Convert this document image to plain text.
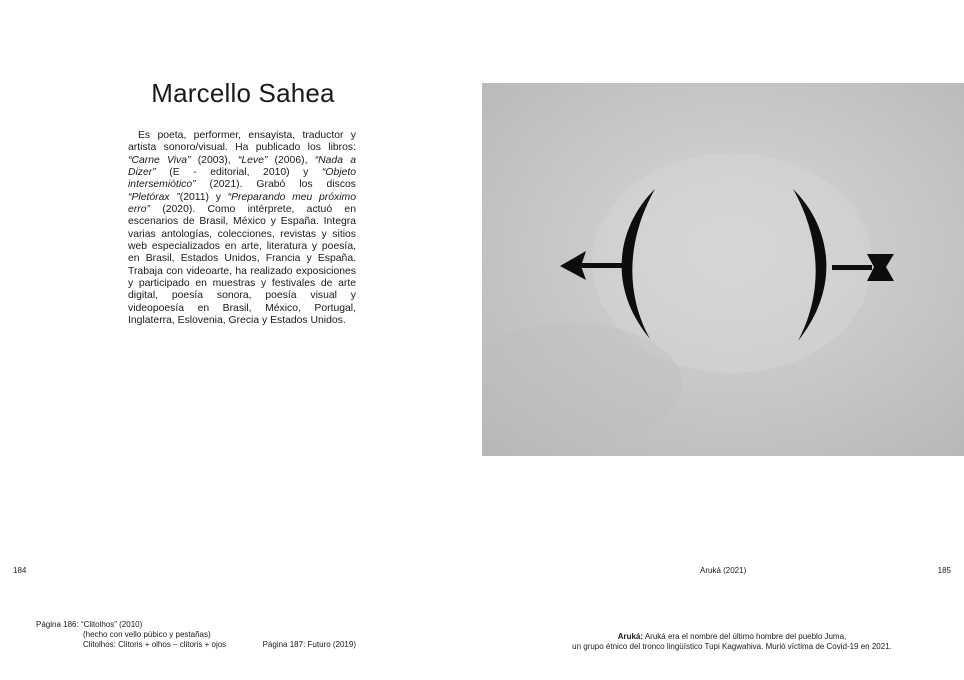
Marcello Sahea

Es poeta, performer, ensayista, traductor y artista sonoro/visual. Ha publicado los libros: “Carne Viva” (2003), “Leve” (2006), “Nada a Dizer” (E - editorial, 2010) y “Objeto intersemiótico” (2021). Grabó los discos “Pletórax ”(2011) y “Preparando meu próximo erro” (2020). Como intérprete, actuó en escenarios de Brasil, México y España. Integra varias antologías, colecciones, revistas y sitios web especializados en arte, literatura y poesía, en Brasil, Estados Unidos, Francia y España. Trabaja con videoarte, ha realizado exposiciones y participado en muestras y festivales de arte digital, poesía sonora, poesía visual y videopoesía en Brasil, México, Portugal, Inglaterra, Eslovenia, Grecia y Estados Unidos.

184
Página 186: “Clitolhos” (2010)
(hecho con vello púbico y pestañas)
Clitolhos: Clitoris + olhos – clitoris + ojos	Página 187: Futuro (2019)
Aruká (2021)	185
Aruká: Aruká era el nombre del último hombre del pueblo Juma,
un grupo étnico del tronco lingüístico Tupi Kagwahiva. Murió víctima de Covid-19 en 2021.
